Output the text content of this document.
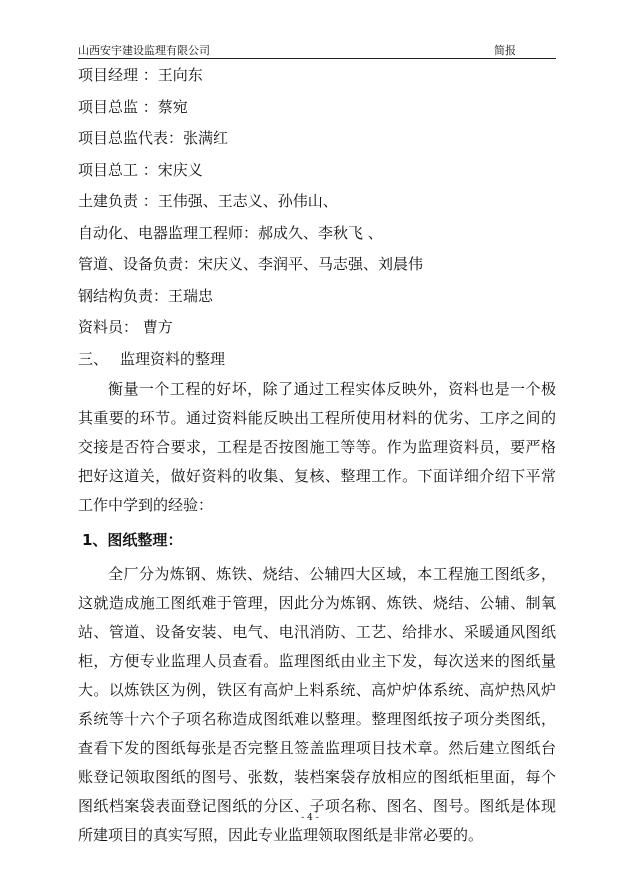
山西安宇建设监理有限公司	简报
项目经理 ：王向东
项目总监 ：蔡宛
项目总监代表：张满红
项目总工 ：宋庆义
土建负责 ：王伟强、王志义、孙伟山、
自动化、电器监理工程师：郝成久、李秋飞 、
管道、设备负责：宋庆义、李润平、马志强、刘晨伟
钢结构负责：王瑞忠
资料员： 曹方
三、 监理资料的整理

衡量一个工程的好坏，除了通过工程实体反映外，资料也是一个极其重要的环节。通过资料能反映出工程所使用材料的优劣、工序之间的交接是否符合要求，工程是否按图施工等等。作为监理资料员，要严格把好这道关，做好资料的收集、复核、整理工作。下面详细介绍下平常工作中学到的经验：

1、图纸整理：

全厂分为炼钢、炼铁、烧结、公辅四大区域，本工程施工图纸多，这就造成施工图纸难于管理，因此分为炼钢、炼铁、烧结、公辅、制氧站、管道、设备安装、电气、电汛消防、工艺、给排水、采暖通风图纸柜，方便专业监理人员查看。监理图纸由业主下发，每次送来的图纸量大。以炼铁区为例，铁区有高炉上料系统、高炉炉体系统、高炉热风炉系统等十六个子项名称造成图纸难以整理。整理图纸按子项分类图纸，查看下发的图纸每张是否完整且签盖监理项目技术章。然后建立图纸台账登记领取图纸的图号、张数，装档案袋存放相应的图纸柜里面，每个图纸档案袋表面登记图纸的分区、子项名称、图名、图号。图纸是体现所建项目的真实写照，因此专业监理领取图纸是非常必要的。

- 4 -
